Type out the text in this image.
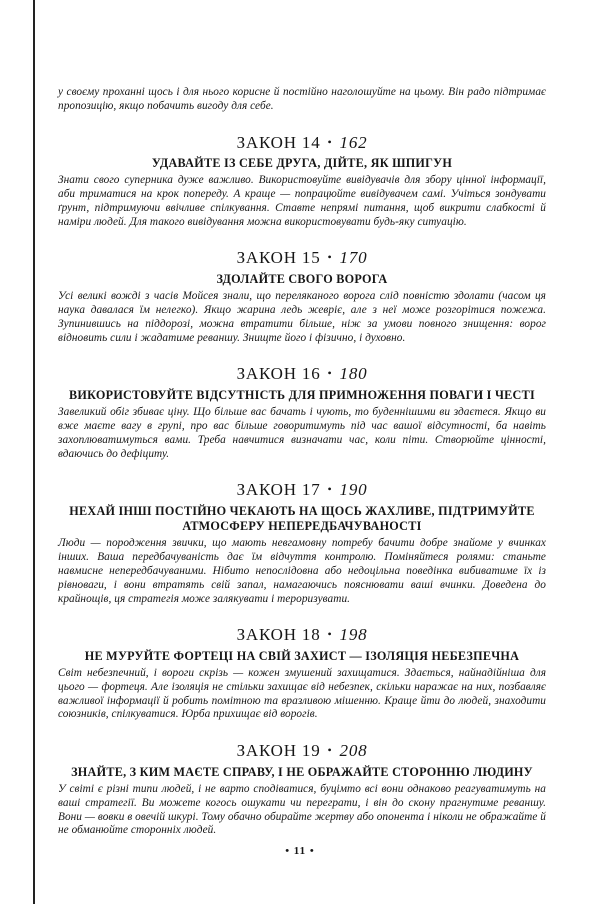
у своєму проханні щось і для нього корисне й постійно наголошуйте на цьому. Він радо підтримає пропозицію, якщо побачить вигоду для себе.

ЗАКОН 14 • 162
УДАВАЙТЕ ІЗ СЕБЕ ДРУГА, ДІЙТЕ, ЯК ШПИГУН

Знати свого суперника дуже важливо. Використовуйте вивідувачів для збору цінної інформації, аби триматися на крок попереду. А краще — попрацюйте вивідувачем самі. Учіться зондувати ґрунт, підтримуючи ввічливе спілкування. Ставте непрямі питання, щоб викрити слабкості й наміри людей. Для такого вивідування можна використовувати будь-яку ситуацію.

ЗАКОН 15 • 170
ЗДОЛАЙТЕ СВОГО ВОРОГА

Усі великі вожді з часів Мойсея знали, що переляканого ворога слід повністю здолати (часом ця наука давалася їм нелегко). Якщо жарина ледь жевріє, але з неї може розгорітися пожежа. Зупинившись на піддорозі, можна втратити більше, ніж за умови повного знищення: ворог відновить сили і жадатиме реваншу. Знищте його і фізично, і духовно.

ЗАКОН 16 • 180
ВИКОРИСТОВУЙТЕ ВІДСУТНІСТЬ ДЛЯ ПРИМНОЖЕННЯ ПОВАГИ І ЧЕСТІ

Завеликий обіг збиває ціну. Що більше вас бачать і чують, то буденнішими ви здаєтеся. Якщо ви вже маєте вагу в групі, про вас більше говоритимуть під час вашої відсутності, ба навіть захоплюватимуться вами. Треба навчитися визначати час, коли піти. Створюйте цінності, вдаючись до дефіциту.

ЗАКОН 17 • 190
НЕХАЙ ІНШІ ПОСТІЙНО ЧЕКАЮТЬ НА ЩОСЬ ЖАХЛИВЕ, ПІДТРИМУЙТЕ АТМОСФЕРУ НЕПЕРЕДБАЧУВАНОСТІ

Люди — породження звички, що мають невгамовну потребу бачити добре знайоме у вчинках інших. Ваша передбачуваність дає їм відчуття контролю. Поміняйтеся ролями: станьте навмисне непередбачуваними. Нібито непослідовна або недоцільна поведінка вибиватиме їх із рівноваги, і вони втратять свій запал, намагаючись пояснювати ваші вчинки. Доведена до крайнощів, ця стратегія може залякувати і тероризувати.

ЗАКОН 18 • 198
НЕ МУРУЙТЕ ФОРТЕЦІ НА СВІЙ ЗАХИСТ — ІЗОЛЯЦІЯ НЕБЕЗПЕЧНА

Світ небезпечний, і вороги скрізь — кожен змушений захищатися. Здається, найнадійніша для цього — фортеця. Але ізоляція не стільки захищає від небезпек, скільки наражає на них, позбавляє важливої інформації й робить помітною та вразливою мішенню. Краще йти до людей, знаходити союзників, спілкуватися. Юрба прихищає від ворогів.

ЗАКОН 19 • 208
ЗНАЙТЕ, З КИМ МАЄТЕ СПРАВУ, І НЕ ОБРАЖАЙТЕ СТОРОННЮ ЛЮДИНУ

У світі є різні типи людей, і не варто сподіватися, буцімто всі вони однаково реагуватимуть на ваші стратегії. Ви можете когось ошукати чи переграти, і він до скону прагнутиме реваншу. Вони — вовки в овечій шкурі. Тому обачно обирайте жертву або опонента і ніколи не ображайте й не обманюйте сторонніх людей.

• 11 •
